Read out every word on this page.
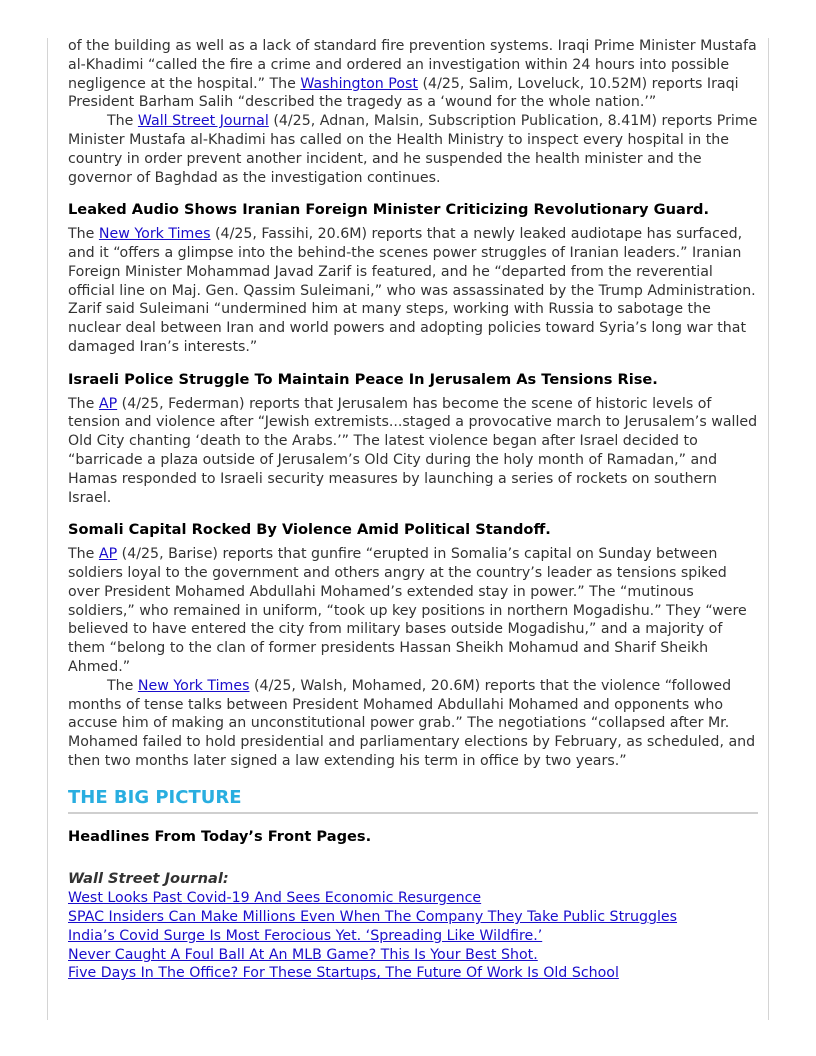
of the building as well as a lack of standard fire prevention systems. Iraqi Prime Minister Mustafa al-Khadimi “called the fire a crime and ordered an investigation within 24 hours into possible negligence at the hospital.” The Washington Post (4/25, Salim, Loveluck, 10.52M) reports Iraqi President Barham Salih “described the tragedy as a ‘wound for the whole nation.’”

The Wall Street Journal (4/25, Adnan, Malsin, Subscription Publication, 8.41M) reports Prime Minister Mustafa al-Khadimi has called on the Health Ministry to inspect every hospital in the country in order prevent another incident, and he suspended the health minister and the governor of Baghdad as the investigation continues.

Leaked Audio Shows Iranian Foreign Minister Criticizing Revolutionary Guard.

The New York Times (4/25, Fassihi, 20.6M) reports that a newly leaked audiotape has surfaced, and it “offers a glimpse into the behind-the scenes power struggles of Iranian leaders.” Iranian Foreign Minister Mohammad Javad Zarif is featured, and he “departed from the reverential official line on Maj. Gen. Qassim Suleimani,” who was assassinated by the Trump Administration. Zarif said Suleimani “undermined him at many steps, working with Russia to sabotage the nuclear deal between Iran and world powers and adopting policies toward Syria’s long war that damaged Iran’s interests.”

Israeli Police Struggle To Maintain Peace In Jerusalem As Tensions Rise.

The AP (4/25, Federman) reports that Jerusalem has become the scene of historic levels of tension and violence after “Jewish extremists...staged a provocative march to Jerusalem’s walled Old City chanting ‘death to the Arabs.’” The latest violence began after Israel decided to “barricade a plaza outside of Jerusalem’s Old City during the holy month of Ramadan,” and Hamas responded to Israeli security measures by launching a series of rockets on southern Israel.

Somali Capital Rocked By Violence Amid Political Standoff.

The AP (4/25, Barise) reports that gunfire “erupted in Somalia’s capital on Sunday between soldiers loyal to the government and others angry at the country’s leader as tensions spiked over President Mohamed Abdullahi Mohamed’s extended stay in power.” The “mutinous soldiers,” who remained in uniform, “took up key positions in northern Mogadishu.” They “were believed to have entered the city from military bases outside Mogadishu,” and a majority of them “belong to the clan of former presidents Hassan Sheikh Mohamud and Sharif Sheikh Ahmed.”

The New York Times (4/25, Walsh, Mohamed, 20.6M) reports that the violence “followed months of tense talks between President Mohamed Abdullahi Mohamed and opponents who accuse him of making an unconstitutional power grab.” The negotiations “collapsed after Mr. Mohamed failed to hold presidential and parliamentary elections by February, as scheduled, and then two months later signed a law extending his term in office by two years.”

THE BIG PICTURE
Headlines From Today’s Front Pages.
Wall Street Journal:
West Looks Past Covid-19 And Sees Economic Resurgence
SPAC Insiders Can Make Millions Even When The Company They Take Public Struggles
India’s Covid Surge Is Most Ferocious Yet. ‘Spreading Like Wildfire.’
Never Caught A Foul Ball At An MLB Game? This Is Your Best Shot.
Five Days In The Office? For These Startups, The Future Of Work Is Old School
